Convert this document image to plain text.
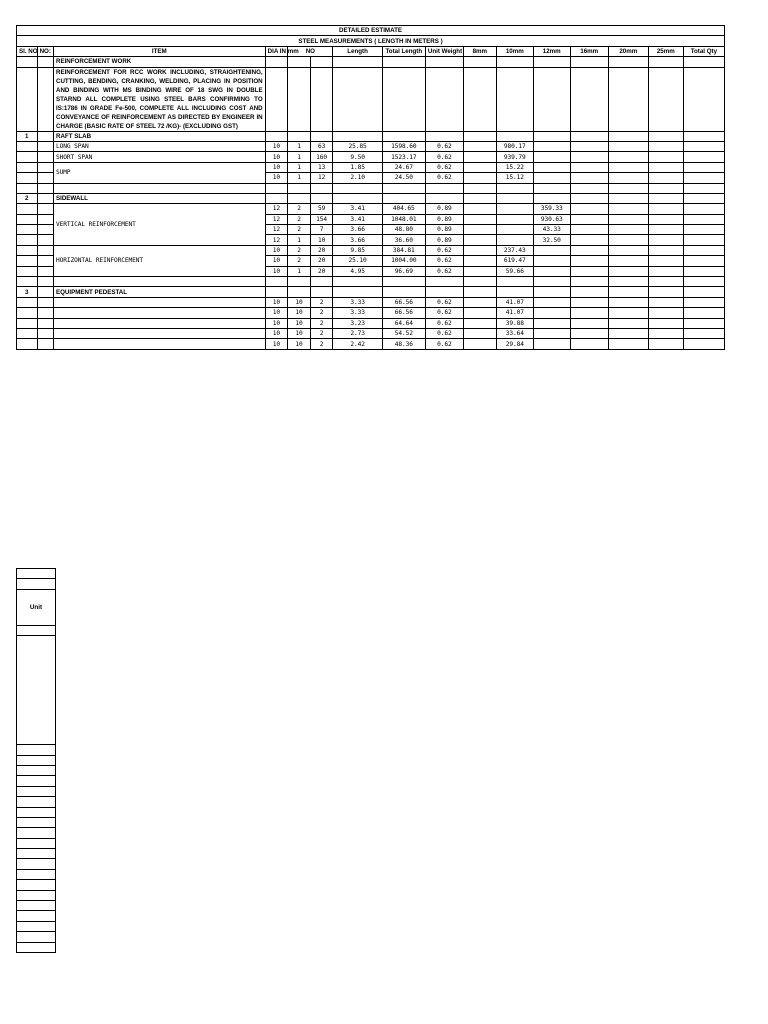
DETAILED ESTIMATE															
STEEL MEASUREMENTS ( LENGTH IN METERS )															
Sl. NO	NO:	ITEM	DIA IN mm	NO		Length	Total Length	Unit Weight	8mm	10mm	12mm	16mm	20mm	25mm	Total Qty
		REINFORCEMENT WORK													
		REINFORCEMENT FOR RCC WORK INCLUDING, STRAIGHTENING, CUTTING, BENDING, CRANKING, WELDING, PLACING IN POSITION AND BINDING WITH MS BINDING WIRE OF 18 SWG IN DOUBLE STARND ALL COMPLETE USING STEEL BARS CONFIRMING TO IS:1786 IN GRADE Fe-500, COMPLETE ALL INCLUDING COST AND CONVEYANCE OF REINFORCEMENT AS DIRECTED BY ENGINEER IN CHARGE (BASIC RATE OF STEEL 72 /KG)- (EXCLUDING GST)													
1		RAFT SLAB													
		LONG SPAN	10	1	63	25.85	1598.60	0.62		980.17					
		SHORT SPAN	10	1	160	9.50	1523.17	0.62		939.79					
		SUMP	10	1	13	1.85	24.67	0.62		15.22					
			10	1	12	2.10	24.50	0.62		15.12					

2		SIDEWALL													
		VERTICAL REINFORCEMENT	12	2	59	3.41	404.65	0.89			359.33				
			12	2	154	3.41	1048.01	0.89			930.63				
			12	2	7	3.66	48.80	0.89			43.33				
			12	1	10	3.66	36.60	0.89			32.50				
		HORIZONTAL REINFORCEMENT	10	2	20	9.85	384.81	0.62		237.43					
			10	2	20	25.10	1004.00	0.62		619.47					
			10	1	20	4.95	96.69	0.62		59.66					

3		EQUIPMENT PEDESTAL													
			10	10	2	3.33	66.56	0.62		41.07					
			10	10	2	3.33	66.56	0.62		41.07					
			10	10	2	3.23	64.64	0.62		39.88					
			10	10	2	2.73	54.52	0.62		33.64					
			10	10	2	2.42	48.36	0.62		29.84					

Unit
